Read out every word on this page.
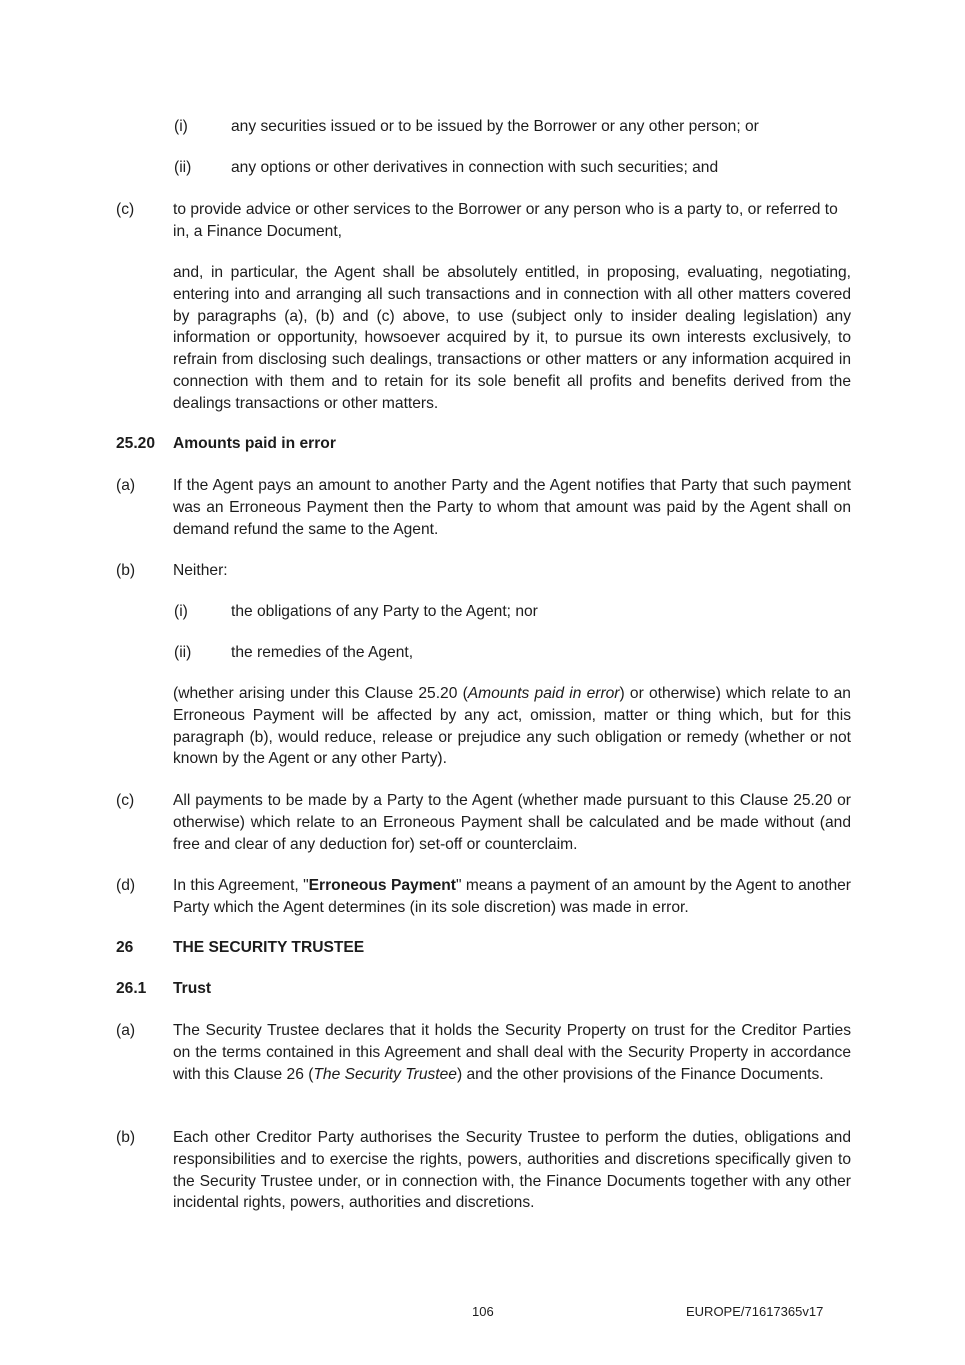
(i)	any securities issued or to be issued by the Borrower or any other person; or
(ii)	any options or other derivatives in connection with such securities; and
(c) to provide advice or other services to the Borrower or any person who is a party to, or referred to in, a Finance Document,
and, in particular, the Agent shall be absolutely entitled, in proposing, evaluating, negotiating, entering into and arranging all such transactions and in connection with all other matters covered by paragraphs (a), (b) and (c) above, to use (subject only to insider dealing legislation) any information or opportunity, howsoever acquired by it, to pursue its own interests exclusively, to refrain from disclosing such dealings, transactions or other matters or any information acquired in connection with them and to retain for its sole benefit all profits and benefits derived from the dealings transactions or other matters.
25.20 Amounts paid in error
(a) If the Agent pays an amount to another Party and the Agent notifies that Party that such payment was an Erroneous Payment then the Party to whom that amount was paid by the Agent shall on demand refund the same to the Agent.
(b) Neither:
(i)	the obligations of any Party to the Agent; nor
(ii)	the remedies of the Agent,
(whether arising under this Clause 25.20 (Amounts paid in error) or otherwise) which relate to an Erroneous Payment will be affected by any act, omission, matter or thing which, but for this paragraph (b), would reduce, release or prejudice any such obligation or remedy (whether or not known by the Agent or any other Party).
(c) All payments to be made by a Party to the Agent (whether made pursuant to this Clause 25.20 or otherwise) which relate to an Erroneous Payment shall be calculated and be made without (and free and clear of any deduction for) set-off or counterclaim.
(d) In this Agreement, "Erroneous Payment" means a payment of an amount by the Agent to another Party which the Agent determines (in its sole discretion) was made in error.
26	THE SECURITY TRUSTEE
26.1 Trust
(a) The Security Trustee declares that it holds the Security Property on trust for the Creditor Parties on the terms contained in this Agreement and shall deal with the Security Property in accordance with this Clause 26 (The Security Trustee) and the other provisions of the Finance Documents.
(b) Each other Creditor Party authorises the Security Trustee to perform the duties, obligations and responsibilities and to exercise the rights, powers, authorities and discretions specifically given to the Security Trustee under, or in connection with, the Finance Documents together with any other incidental rights, powers, authorities and discretions.
106	EUROPE/71617365v17
